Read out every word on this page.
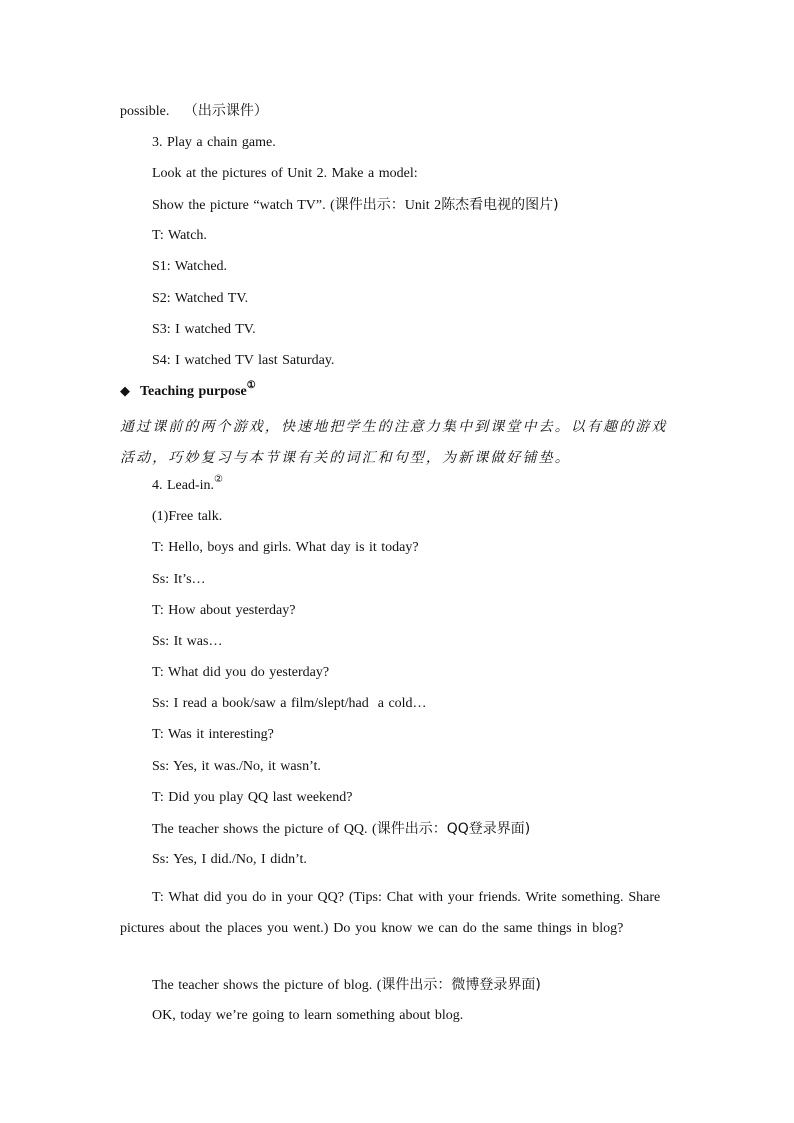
possible. （出示课件）
3. Play a chain game.
Look at the pictures of Unit 2. Make a model:
Show the picture “watch TV”. (课件出示：Unit 2陈杰看电视的图片)
T: Watch.
S1: Watched.
S2: Watched TV.
S3: I watched TV.
S4: I watched TV last Saturday.
◆ Teaching purpose①
通过课前的两个游戏，快速地把学生的注意力集中到课堂中去。以有趣的游戏活动，巧妙复习与本节课有关的词汇和句型，为新课做好铺垫。
4. Lead-in.②
(1)Free talk.
T: Hello, boys and girls. What day is it today?
Ss: It’s…
T: How about yesterday?
Ss: It was…
T: What did you do yesterday?
Ss: I read a book/saw a film/slept/had  a cold…
T: Was it interesting?
Ss: Yes, it was./No, it wasn’t.
T: Did you play QQ last weekend?
The teacher shows the picture of QQ. (课件出示：QQ登录界面)
Ss: Yes, I did./No, I didn’t.
T: What did you do in your QQ? (Tips: Chat with your friends. Write something. Share pictures about the places you went.) Do you know we can do the same things in blog?
The teacher shows the picture of blog. (课件出示：微博登录界面)
OK, today we’re going to learn something about blog.
